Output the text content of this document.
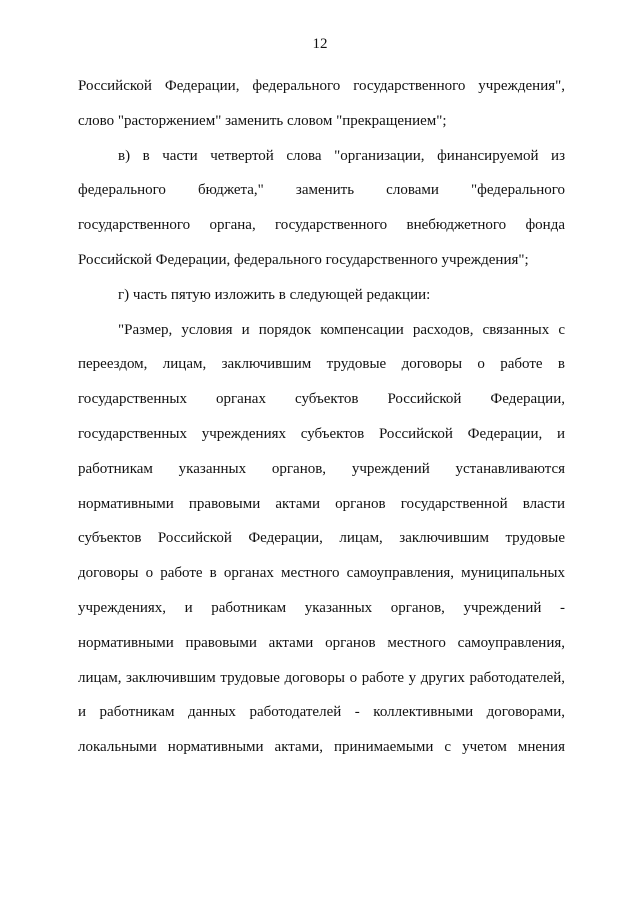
12
Российской Федерации, федерального государственного учреждения",
слово "расторжением" заменить словом "прекращением";
в) в части четвертой слова "организации, финансируемой из
федерального бюджета," заменить словами "федерального
государственного органа, государственного внебюджетного фонда
Российской Федерации, федерального государственного учреждения";
г) часть пятую изложить в следующей редакции:
"Размер, условия и порядок компенсации расходов, связанных с
переездом, лицам, заключившим трудовые договоры о работе в
государственных органах субъектов Российской Федерации,
государственных учреждениях субъектов Российской Федерации, и
работникам указанных органов, учреждений устанавливаются
нормативными правовыми актами органов государственной власти
субъектов Российской Федерации, лицам, заключившим трудовые
договоры о работе в органах местного самоуправления, муниципальных
учреждениях, и работникам указанных органов, учреждений -
нормативными правовыми актами органов местного самоуправления,
лицам, заключившим трудовые договоры о работе у других работодателей,
и работникам данных работодателей - коллективными договорами,
локальными нормативными актами, принимаемыми с учетом мнения
